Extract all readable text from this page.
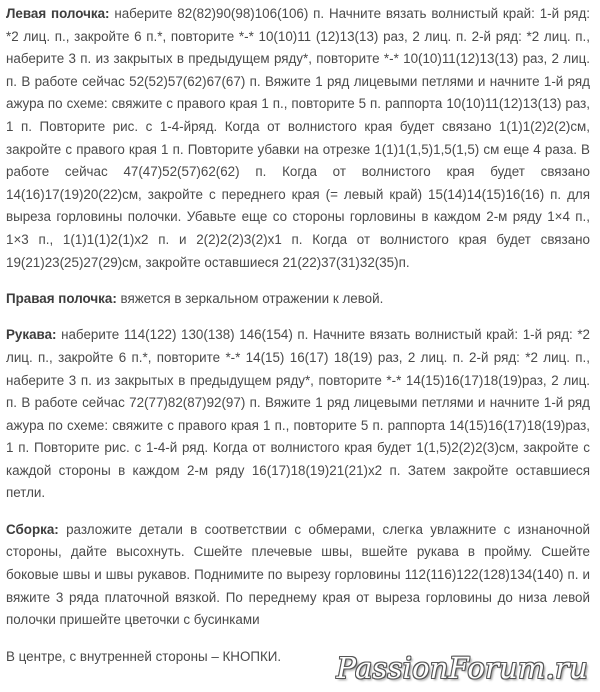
Левая полочка: наберите 82(82)90(98)106(106) п. Начните вязать волнистый край: 1-й ряд: *2 лиц. п., закройте 6 п.*, повторите *-* 10(10)11 (12)13(13) раз, 2 лиц. п. 2-й ряд: *2 лиц. п., наберите 3 п. из закрытых в предыдущем ряду*, повторите *-* 10(10)11(12)13(13) раз, 2 лиц. п. В работе сейчас 52(52)57(62)67(67) п. Вяжите 1 ряд лицевыми петлями и начните 1-й ряд ажура по схеме: свяжите с правого края 1 п., повторите 5 п. раппорта 10(10)11(12)13(13) раз, 1 п. Повторите рис. с 1-4-йряд. Когда от волнистого края будет связано 1(1)1(2)2(2)см, закройте с правого края 1 п. Повторите убавки на отрезке 1(1)1(1,5)1,5(1,5) см еще 4 раза. В работе сейчас 47(47)52(57)62(62) п. Когда от волнистого края будет связано 14(16)17(19)20(22)см, закройте с переднего края (= левый край) 15(14)14(15)16(16) п. для выреза горловины полочки. Убавьте еще со стороны горловины в каждом 2-м ряду 1×4 п., 1×3 п., 1(1)1(1)2(1)х2 п. и 2(2)2(2)3(2)х1 п. Когда от волнистого края будет связано 19(21)23(25)27(29)см, закройте оставшиеся 21(22)37(31)32(35)п.

Правая полочка: вяжется в зеркальном отражении к левой.

Рукава: наберите 114(122) 130(138) 146(154) п. Начните вязать волнистый край: 1-й ряд: *2 лиц. п., закройте 6 п.*, повторите *-* 14(15) 16(17) 18(19) раз, 2 лиц. п. 2-й ряд: *2 лиц. п., наберите 3 п. из закрытых в предыдущем ряду*, повторите *-* 14(15)16(17)18(19)раз, 2 лиц. п. В работе сейчас 72(77)82(87)92(97) п. Вяжите 1 ряд лицевыми петлями и начните 1-й ряд ажура по схеме: свяжите с правого края 1 п., повторите 5 п. раппорта 14(15)16(17)18(19)раз, 1 п. Повторите рис. с 1-4-й ряд. Когда от волнистого края будет 1(1,5)2(2)2(3)см, закройте с каждой стороны в каждом 2-м ряду 16(17)18(19)21(21)х2 п. Затем закройте оставшиеся петли.

Сборка: разложите детали в соответствии с обмерами, слегка увлажните с изнаночной стороны, дайте высохнуть. Сшейте плечевые швы, вшейте рукава в пройму. Сшейте боковые швы и швы рукавов. Поднимите по вырезу горловины 112(116)122(128)134(140) п. и вяжите 3 ряда платочной вязкой. По переднему края от выреза горловины до низа левой полочки пришейте цветочки с бусинками

В центре, с внутренней стороны – КНОПКИ.	PassionForum.ru
